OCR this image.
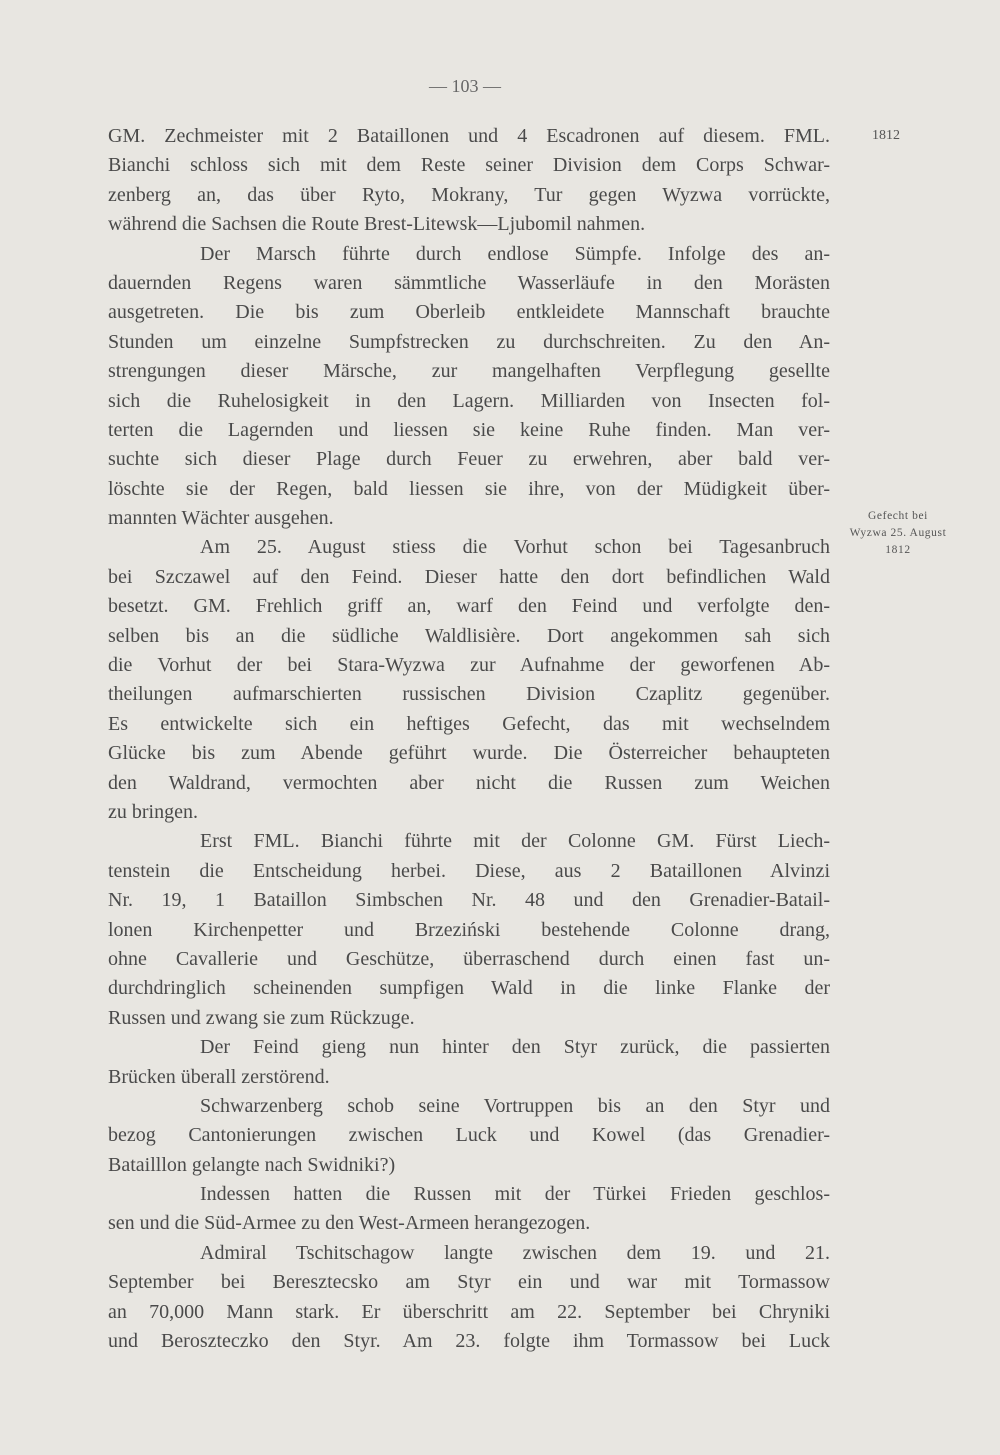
— 103 —
1812
Gefecht bei
Wyzwa 25. August
1812
GM. Zechmeister mit 2 Bataillonen und 4 Escadronen auf diesem. FML.
Bianchi schloss sich mit dem Reste seiner Division dem Corps Schwar-
zenberg an, das über Ryto, Mokrany, Tur gegen Wyzwa vorrückte,
während die Sachsen die Route Brest-Litewsk—Ljubomil nahmen.
Der Marsch führte durch endlose Sümpfe. Infolge des an-
dauernden Regens waren sämmtliche Wasserläufe in den Morästen
ausgetreten. Die bis zum Oberleib entkleidete Mannschaft brauchte
Stunden um einzelne Sumpfstrecken zu durchschreiten. Zu den An-
strengungen dieser Märsche, zur mangelhaften Verpflegung gesellte
sich die Ruhelosigkeit in den Lagern. Milliarden von Insecten fol-
terten die Lagernden und liessen sie keine Ruhe finden. Man ver-
suchte sich dieser Plage durch Feuer zu erwehren, aber bald ver-
löschte sie der Regen, bald liessen sie ihre, von der Müdigkeit über-
mannten Wächter ausgehen.
Am 25. August stiess die Vorhut schon bei Tagesanbruch
bei Szczawel auf den Feind. Dieser hatte den dort befindlichen Wald
besetzt. GM. Frehlich griff an, warf den Feind und verfolgte den-
selben bis an die südliche Waldlisière. Dort angekommen sah sich
die Vorhut der bei Stara-Wyzwa zur Aufnahme der geworfenen Ab-
theilungen aufmarschierten russischen Division Czaplitz gegenüber.
Es entwickelte sich ein heftiges Gefecht, das mit wechselndem
Glücke bis zum Abende geführt wurde. Die Österreicher behaupteten
den Waldrand, vermochten aber nicht die Russen zum Weichen
zu bringen.
Erst FML. Bianchi führte mit der Colonne GM. Fürst Liech-
tenstein die Entscheidung herbei. Diese, aus 2 Bataillonen Alvinzi
Nr. 19, 1 Bataillon Simbschen Nr. 48 und den Grenadier-Batail-
lonen Kirchenpetter und Brzeziński bestehende Colonne drang,
ohne Cavallerie und Geschütze, überraschend durch einen fast un-
durchdringlich scheinenden sumpfigen Wald in die linke Flanke der
Russen und zwang sie zum Rückzuge.
Der Feind gieng nun hinter den Styr zurück, die passierten
Brücken überall zerstörend.
Schwarzenberg schob seine Vortruppen bis an den Styr und
bezog Cantonierungen zwischen Luck und Kowel (das Grenadier-
Batailllon gelangte nach Swidniki?)
Indessen hatten die Russen mit der Türkei Frieden geschlos-
sen und die Süd-Armee zu den West-Armeen herangezogen.
Admiral Tschitschagow langte zwischen dem 19. und 21.
September bei Beresztecsko am Styr ein und war mit Tormassow
an 70,000 Mann stark. Er überschritt am 22. September bei Chryniki
und Beroszteczko den Styr. Am 23. folgte ihm Tormassow bei Luck
